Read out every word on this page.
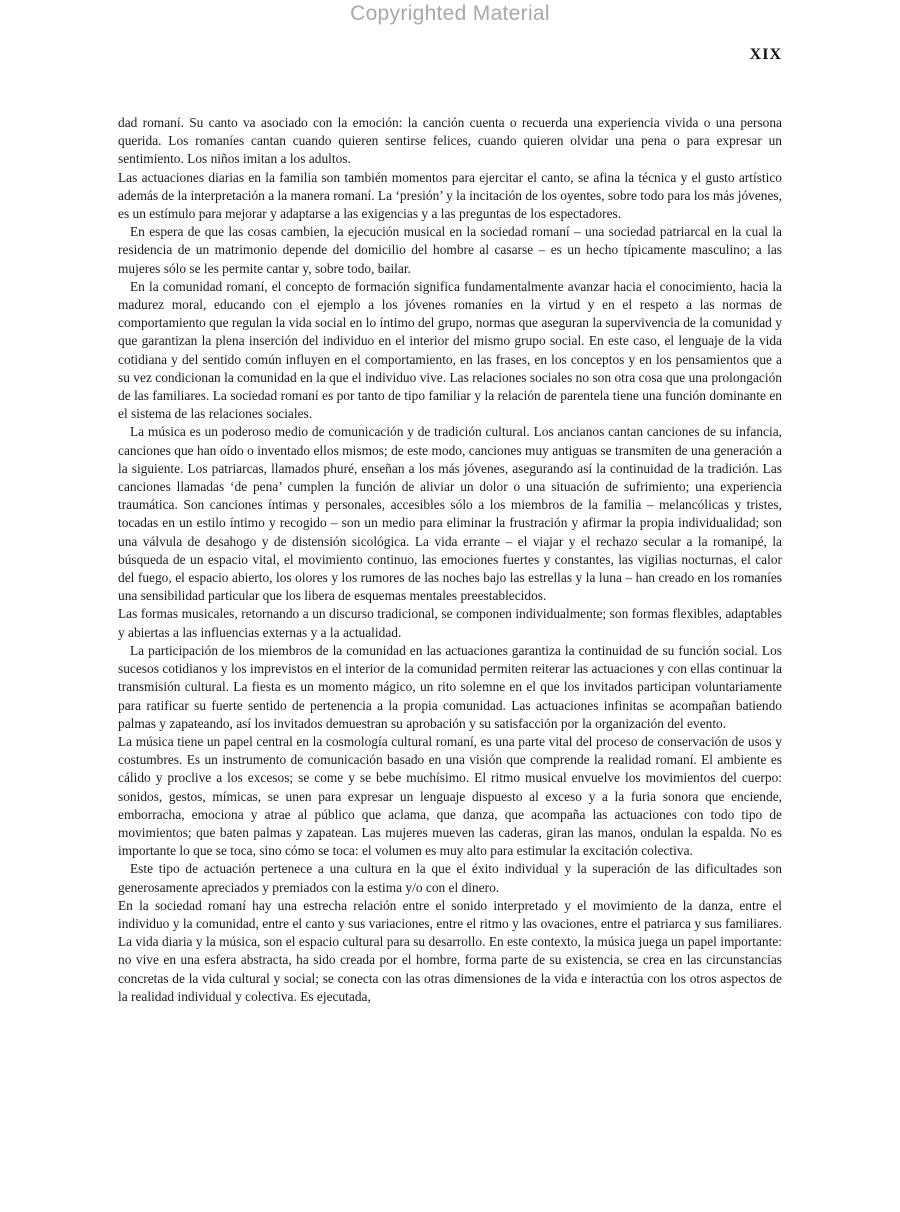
Copyrighted Material
XIX

dad romaní. Su canto va asociado con la emoción: la canción cuenta o recuerda una experiencia vivida o una persona querida. Los romaníes cantan cuando quieren sentirse felices, cuando quieren olvidar una pena o para expresar un sentimiento. Los niños imitan a los adultos.

Las actuaciones diarias en la familia son también momentos para ejercitar el canto, se afina la técnica y el gusto artístico además de la interpretación a la manera romaní. La ‘presión’ y la incitación de los oyentes, sobre todo para los más jóvenes, es un estímulo para mejorar y adaptarse a las exigencias y a las preguntas de los espectadores.

En espera de que las cosas cambien, la ejecución musical en la sociedad romaní – una sociedad patriarcal en la cual la residencia de un matrimonio depende del domicilio del hombre al casarse – es un hecho típicamente masculino; a las mujeres sólo se les permite cantar y, sobre todo, bailar.

En la comunidad romaní, el concepto de formación significa fundamentalmente avanzar hacia el conocimiento, hacia la madurez moral, educando con el ejemplo a los jóvenes romaníes en la virtud y en el respeto a las normas de comportamiento que regulan la vida social en lo íntimo del grupo, normas que aseguran la supervivencia de la comunidad y que garantizan la plena inserción del individuo en el interior del mismo grupo social. En este caso, el lenguaje de la vida cotidiana y del sentido común influyen en el comportamiento, en las frases, en los conceptos y en los pensamientos que a su vez condicionan la comunidad en la que el individuo vive. Las relaciones sociales no son otra cosa que una prolongación de las familiares. La sociedad romaní es por tanto de tipo familiar y la relación de parentela tiene una función dominante en el sistema de las relaciones sociales.

La música es un poderoso medio de comunicación y de tradición cultural. Los ancianos cantan canciones de su infancia, canciones que han oído o inventado ellos mismos; de este modo, canciones muy antiguas se transmiten de una generación a la siguiente. Los patriarcas, llamados phuré, enseñan a los más jóvenes, asegurando así la continuidad de la tradición. Las canciones llamadas ‘de pena’ cumplen la función de aliviar un dolor o una situación de sufrimiento; una experiencia traumática. Son canciones íntimas y personales, accesibles sólo a los miembros de la familia – melancólicas y tristes, tocadas en un estilo íntimo y recogido – son un medio para eliminar la frustración y afirmar la propia individualidad; son una válvula de desahogo y de distensión sicológica. La vida errante – el viajar y el rechazo secular a la romanipé, la búsqueda de un espacio vital, el movimiento continuo, las emociones fuertes y constantes, las vigilias nocturnas, el calor del fuego, el espacio abierto, los olores y los rumores de las noches bajo las estrellas y la luna – han creado en los romaníes una sensibilidad particular que los libera de esquemas mentales preestablecidos.

Las formas musicales, retornando a un discurso tradicional, se componen individualmente; son formas flexibles, adaptables y abiertas a las influencias externas y a la actualidad.

La participación de los miembros de la comunidad en las actuaciones garantiza la continuidad de su función social. Los sucesos cotidianos y los imprevistos en el interior de la comunidad permiten reiterar las actuaciones y con ellas continuar la transmisión cultural. La fiesta es un momento mágico, un rito solemne en el que los invitados participan voluntariamente para ratificar su fuerte sentido de pertenencia a la propia comunidad. Las actuaciones infinitas se acompañan batiendo palmas y zapateando, así los invitados demuestran su aprobación y su satisfacción por la organización del evento.

La música tiene un papel central en la cosmología cultural romaní, es una parte vital del proceso de conservación de usos y costumbres. Es un instrumento de comunicación basado en una visión que comprende la realidad romaní. El ambiente es cálido y proclive a los excesos; se come y se bebe muchísimo. El ritmo musical envuelve los movimientos del cuerpo: sonidos, gestos, mímicas, se unen para expresar un lenguaje dispuesto al exceso y a la furia sonora que enciende, emborracha, emociona y atrae al público que aclama, que danza, que acompaña las actuaciones con todo tipo de movimientos; que baten palmas y zapatean. Las mujeres mueven las caderas, giran las manos, ondulan la espalda. No es importante lo que se toca, sino cómo se toca: el volumen es muy alto para estimular la excitación colectiva.

Este tipo de actuación pertenece a una cultura en la que el éxito individual y la superación de las dificultades son generosamente apreciados y premiados con la estima y/o con el dinero.

En la sociedad romaní hay una estrecha relación entre el sonido interpretado y el movimiento de la danza, entre el individuo y la comunidad, entre el canto y sus variaciones, entre el ritmo y las ovaciones, entre el patriarca y sus familiares. La vida diaria y la música, son el espacio cultural para su desarrollo. En este contexto, la música juega un papel importante: no vive en una esfera abstracta, ha sido creada por el hombre, forma parte de su existencia, se crea en las circunstancias concretas de la vida cultural y social; se conecta con las otras dimensiones de la vida e interactúa con los otros aspectos de la realidad individual y colectiva. Es ejecutada,
